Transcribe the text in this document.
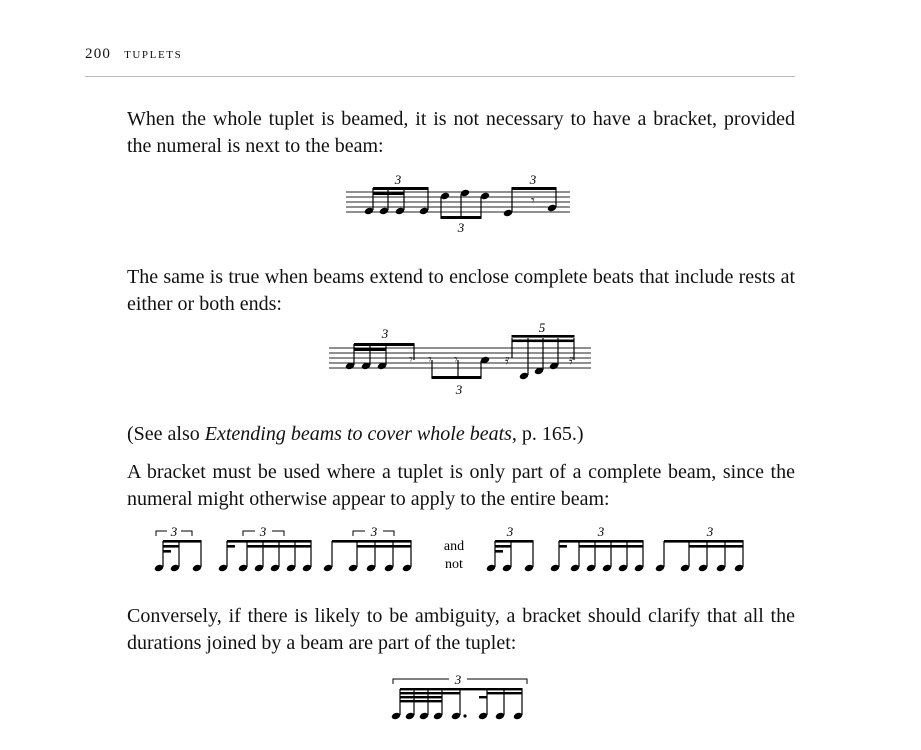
200 tuplets

When the whole tuplet is beamed, it is not necessary to have a bracket, provided the numeral is next to the beam:

𝄾
3
3
3

The same is true when beams extend to enclose complete beats that include rests at either or both ends:

𝄾 𝄾 𝄾	𝄿	𝄿
3
3
5

(See also Extending beams to cover whole beats, p. 165.)

A bracket must be used where a tuplet is only part of a complete beam, since the numeral might otherwise appear to apply to the entire beam:

3	3	3
and
not
3	3	3

Conversely, if there is likely to be ambiguity, a bracket should clarify that all the durations joined by a beam are part of the tuplet:

3
